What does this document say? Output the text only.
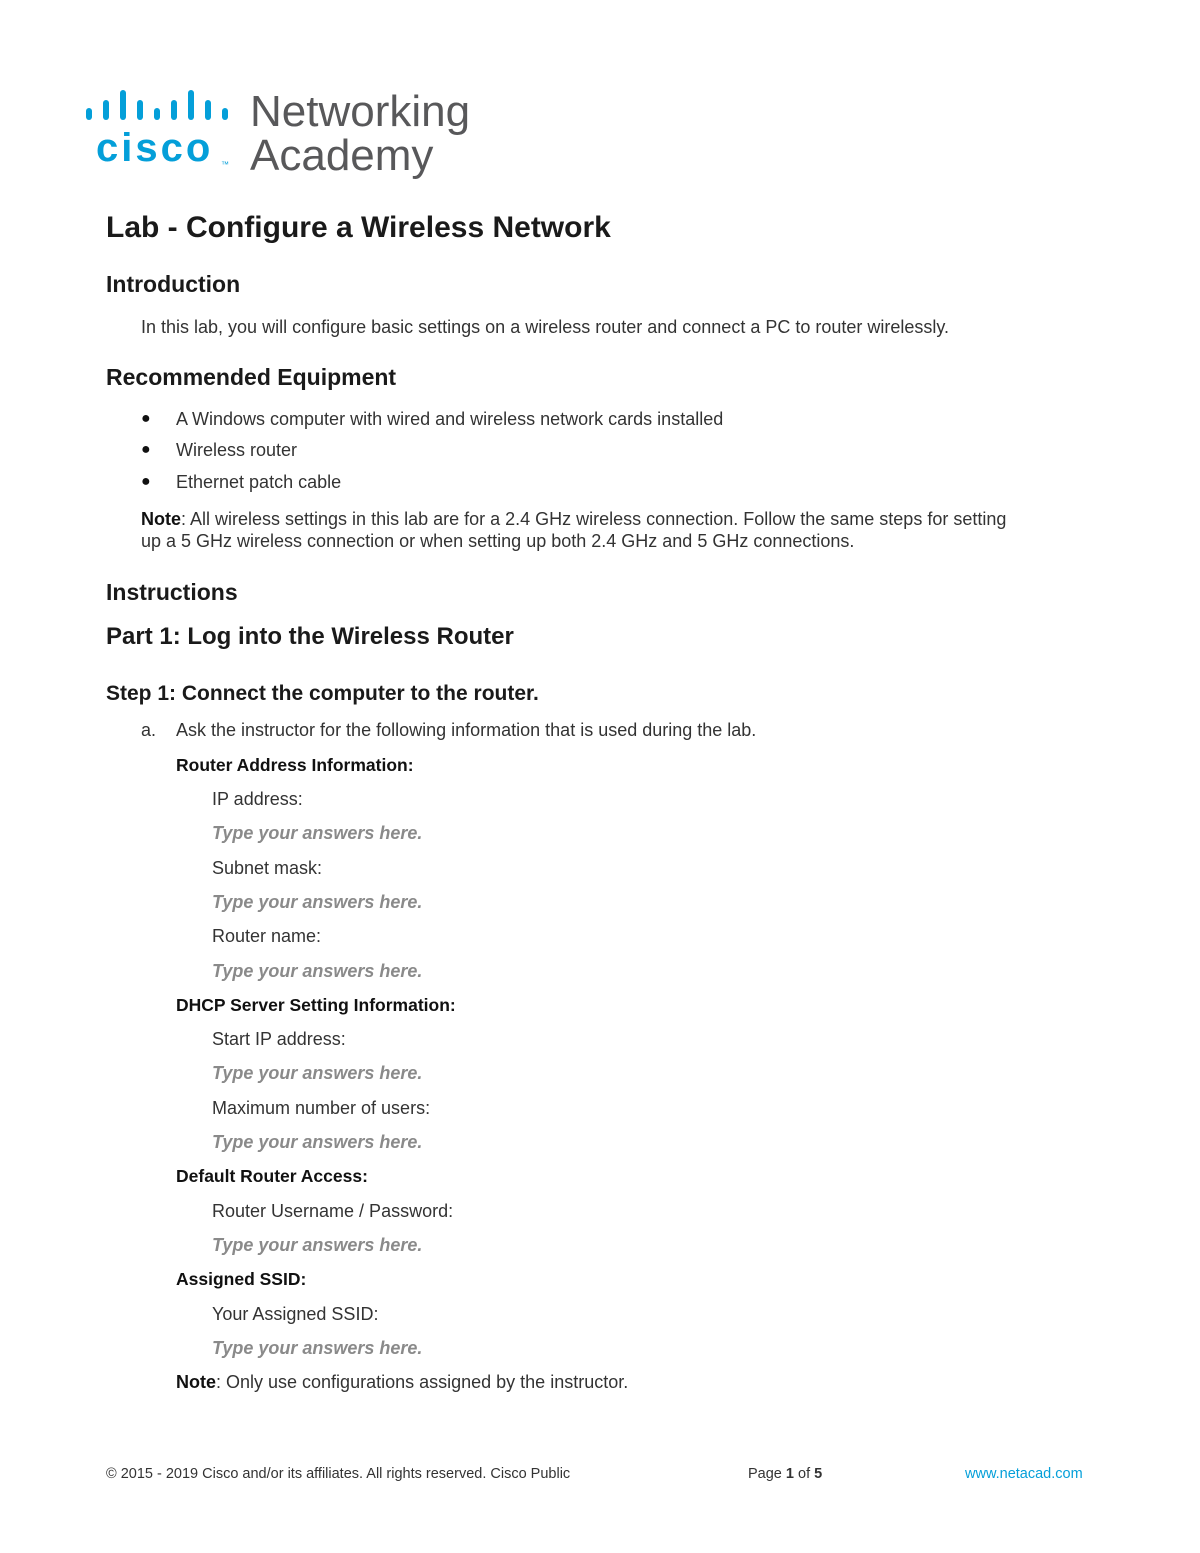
cisco ™
Networking
Academy
Lab - Configure a Wireless Network
Introduction
In this lab, you will configure basic settings on a wireless router and connect a PC to router wirelessly.
Recommended Equipment
● A Windows computer with wired and wireless network cards installed
● Wireless router
● Ethernet patch cable
Note: All wireless settings in this lab are for a 2.4 GHz wireless connection. Follow the same steps for setting
up a 5 GHz wireless connection or when setting up both 2.4 GHz and 5 GHz connections.
Instructions
Part 1: Log into the Wireless Router
Step 1: Connect the computer to the router.
a. Ask the instructor for the following information that is used during the lab.
Router Address Information:
IP address:
Type your answers here.
Subnet mask:
Type your answers here.
Router name:
Type your answers here.
DHCP Server Setting Information:
Start IP address:
Type your answers here.
Maximum number of users:
Type your answers here.
Default Router Access:
Router Username / Password:
Type your answers here.
Assigned SSID:
Your Assigned SSID:
Type your answers here.
Note: Only use configurations assigned by the instructor.
© 2015 - 2019 Cisco and/or its affiliates. All rights reserved. Cisco Public	Page 1 of 5	www.netacad.com
